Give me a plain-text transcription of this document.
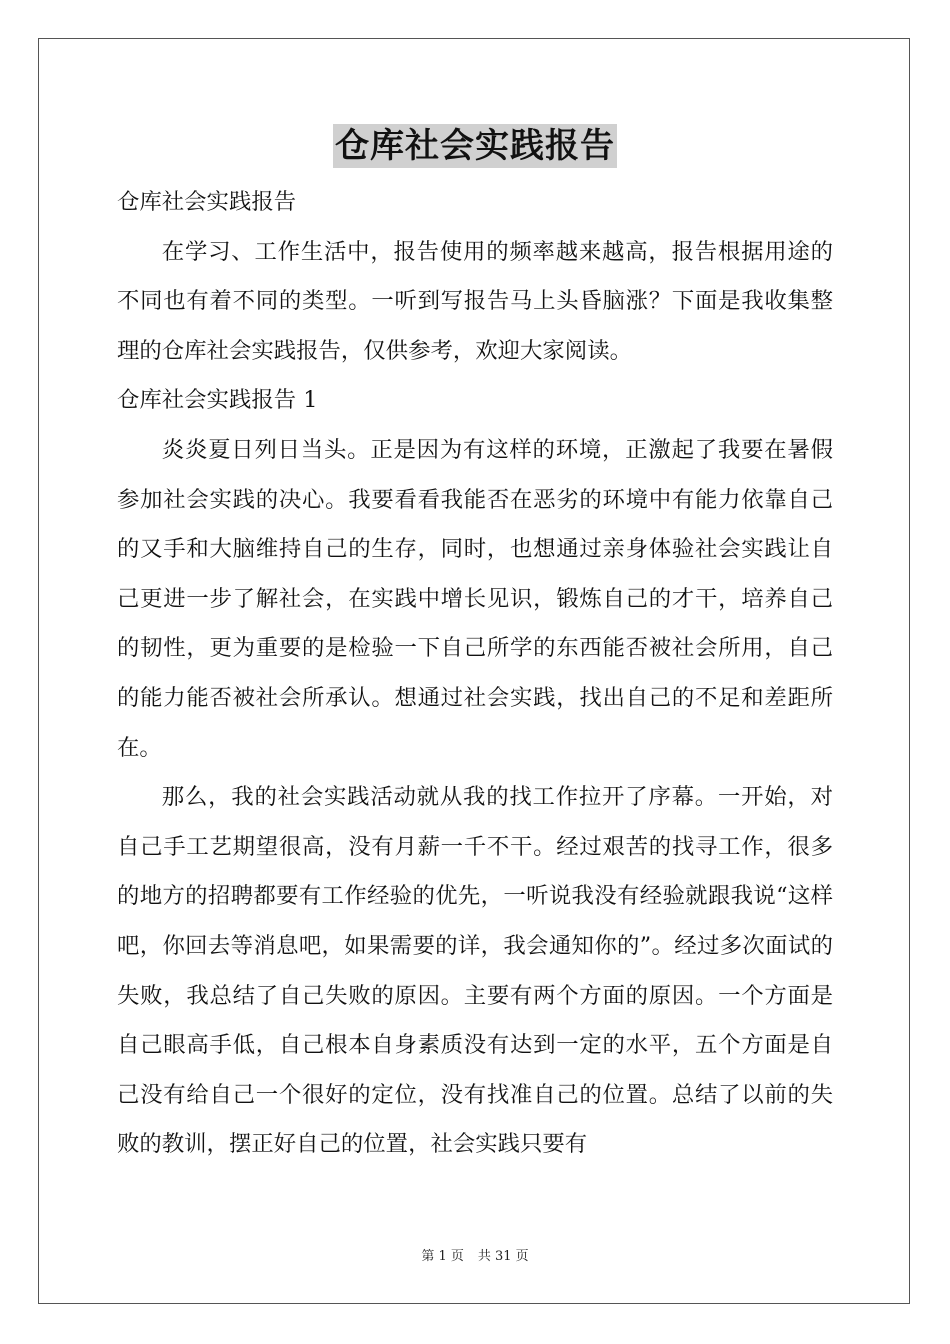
仓库社会实践报告

仓库社会实践报告

在学习、工作生活中，报告使用的频率越来越高，报告根据用途的不同也有着不同的类型。一听到写报告马上头昏脑涨？下面是我收集整理的仓库社会实践报告，仅供参考，欢迎大家阅读。

仓库社会实践报告 1

炎炎夏日列日当头。正是因为有这样的环境，正激起了我要在暑假参加社会实践的决心。我要看看我能否在恶劣的环境中有能力依靠自己的又手和大脑维持自己的生存，同时，也想通过亲身体验社会实践让自己更进一步了解社会，在实践中增长见识，锻炼自己的才干，培养自己的韧性，更为重要的是检验一下自己所学的东西能否被社会所用，自己的能力能否被社会所承认。想通过社会实践，找出自己的不足和差距所在。

那么，我的社会实践活动就从我的找工作拉开了序幕。一开始，对自己手工艺期望很高，没有月薪一千不干。经过艰苦的找寻工作，很多的地方的招聘都要有工作经验的优先，一听说我没有经验就跟我说“这样吧，你回去等消息吧，如果需要的详，我会通知你的”。经过多次面试的失败，我总结了自己失败的原因。主要有两个方面的原因。一个方面是自己眼高手低，自己根本自身素质没有达到一定的水平，五个方面是自己没有给自己一个很好的定位，没有找准自己的位置。总结了以前的失败的教训，摆正好自己的位置，社会实践只要有

第 1 页 共 31 页
